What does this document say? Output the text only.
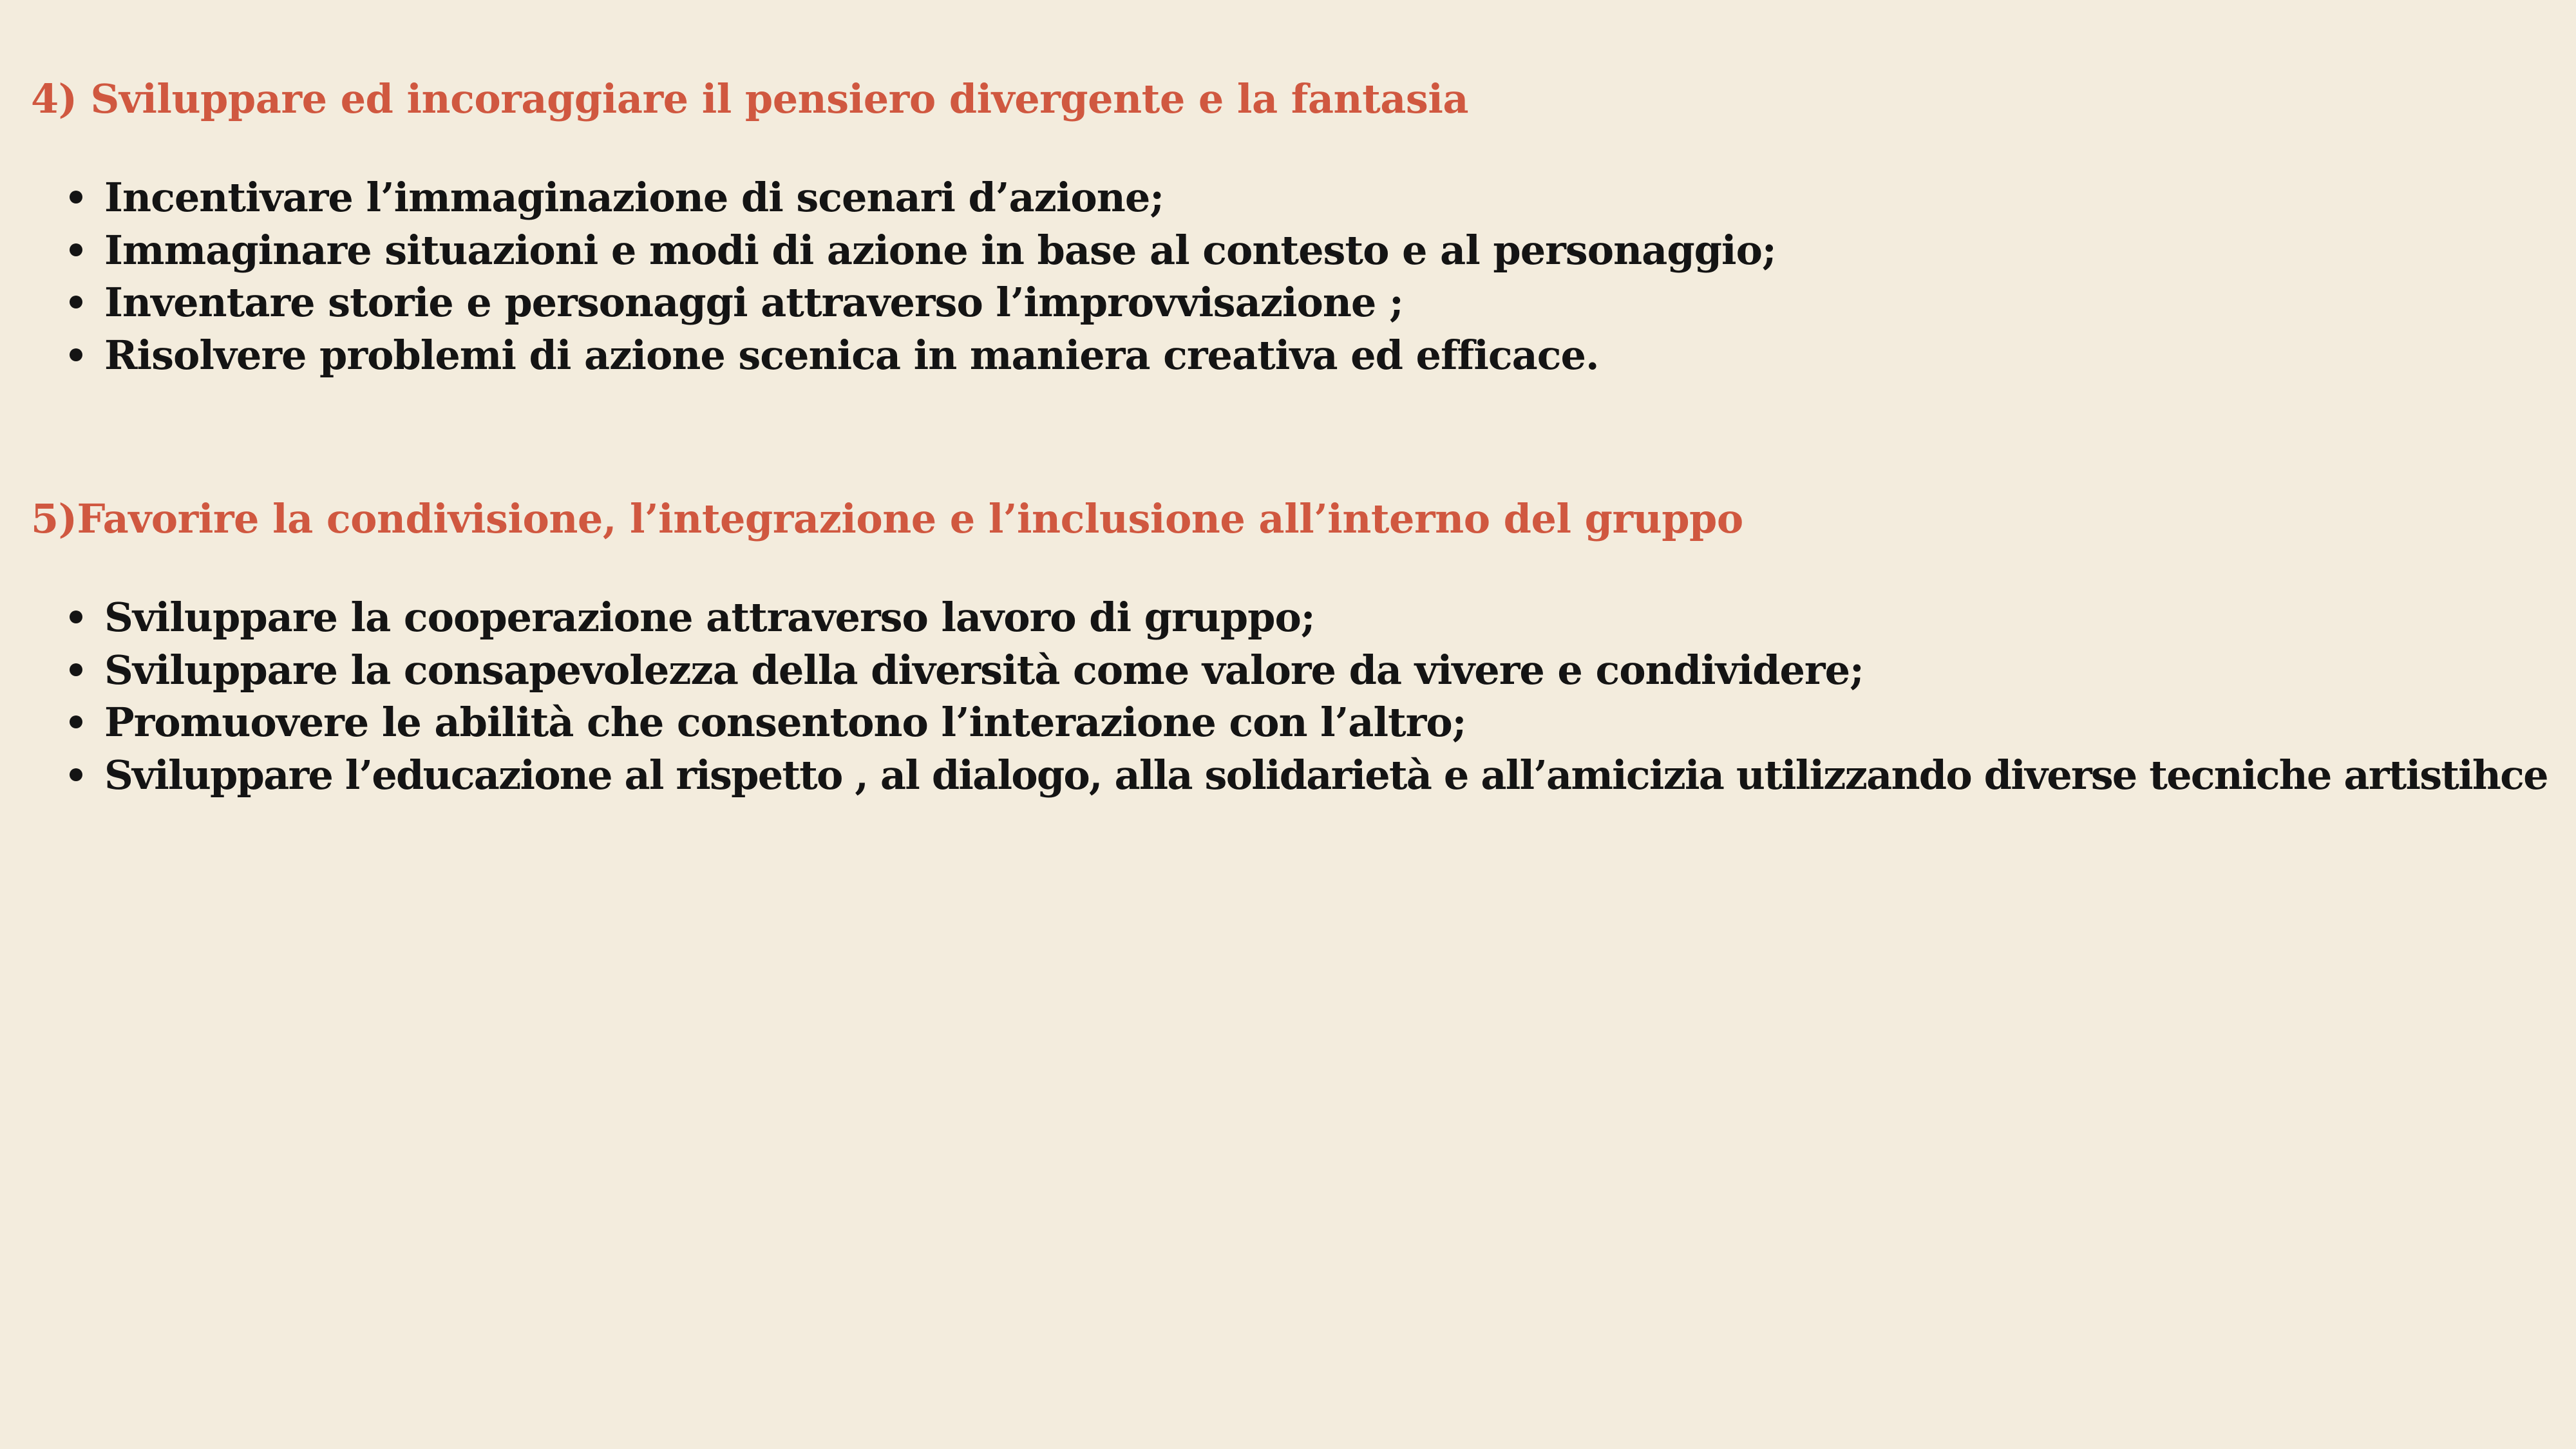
4) Sviluppare ed incoraggiare il pensiero divergente e la fantasia
Incentivare l’immaginazione di scenari d’azione;
Immaginare situazioni e modi di azione in base al contesto e al personaggio;
Inventare storie e personaggi attraverso l’improvvisazione ;
Risolvere problemi di azione scenica in maniera creativa ed efficace.
5)Favorire la condivisione, l’integrazione e l’inclusione all’interno del gruppo
Sviluppare la cooperazione attraverso lavoro di gruppo;
Sviluppare la consapevolezza della diversità come valore da vivere e condividere;
Promuovere le abilità che consentono l’interazione con l’altro;
Sviluppare l’educazione al rispetto , al dialogo, alla solidarietà e all’amicizia utilizzando diverse tecniche artistihce
